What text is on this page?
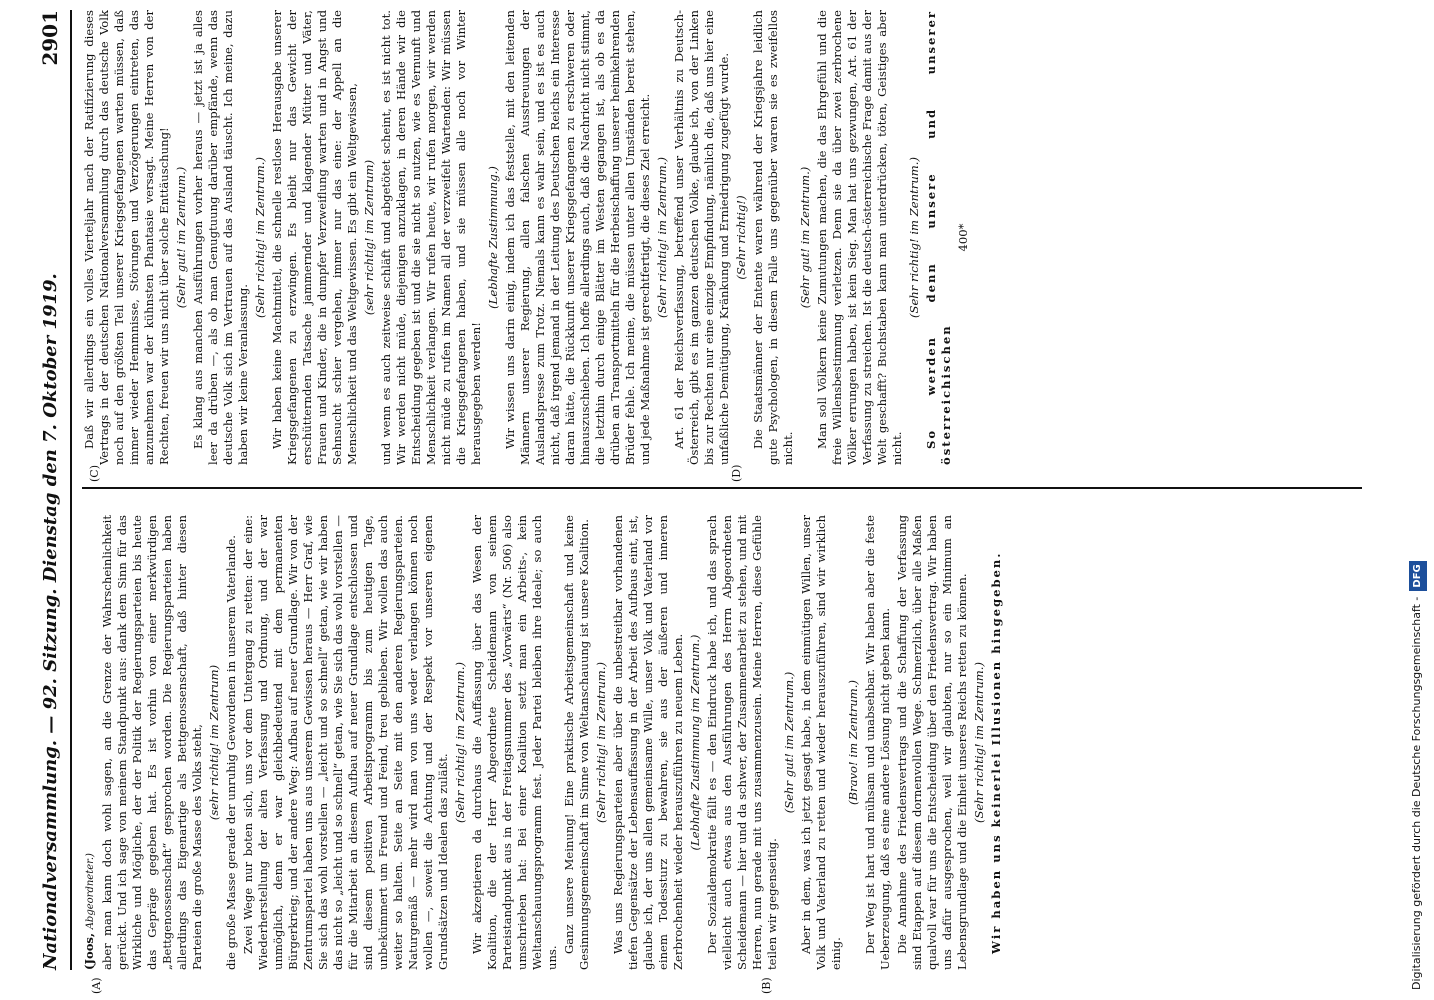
Nationalversammlung. — 92. Sitzung. Dienstag den 7. Oktober 1919.
2901
(A)	(B)
(C)	(D)

(Joos, Abgeordneter.) aber man kann doch wohl sagen, an die Grenze der Wahrscheinlichkeit gerückt. Und ich sage von meinem Standpunkt aus: dank dem Sinn für das Wirkliche und Mögliche, der der Politik der Regierungsparteien bis heute das Gepräge gegeben hat. Es ist vorhin von einer merkwürdigen „Bettgenossenschaft“ gesprochen worden. Die Regierungsparteien haben allerdings das Eigenartige als Bettgenossenschaft, daß hinter diesen Parteien die große Masse des Volks steht, (sehr richtig! im Zentrum) die große Masse gerade der unruhig Gewordenen in unserem Vaterlande. Zwei Wege nur boten sich, uns vor dem Untergang zu retten: der eine: Wiederherstellung der alten Verfassung und Ordnung, und der war unmöglich, denn er war gleichbedeutend mit dem permanenten Bürgerkrieg; und der andere Weg: Aufbau auf neuer Grundlage. Wir von der Zentrumspartei haben uns aus unserem Gewissen heraus — Herr Graf, wie Sie sich das wohl vorstellen — „leicht und so schnell“ getan, wie wir haben das nicht so „leicht und so schnell“ getan, wie Sie sich das wohl vorstellen — für die Mitarbeit an diesem Aufbau auf neuer Grundlage entschlossen und sind diesem positiven Arbeitsprogramm bis zum heutigen Tage, unbekümmert um Freund und Feind, treu geblieben. Wir wollen das auch weiter so halten. Seite an Seite mit den anderen Regierungsparteien. Naturgemäß — mehr wird man von uns weder verlangen können noch wollen —, soweit die Achtung und der Respekt vor unseren eigenen Grundsätzen und Idealen das zuläßt.

(Sehr richtig! im Zentrum.) Wir akzeptieren da durchaus die Auffassung über das Wesen der Koalition, die der Herr Abgeordnete Scheidemann von seinem Parteistandpunkt aus in der Freitagsnummer des „Vorwärts“ (Nr. 506) also umschrieben hat: Bei einer Koalition setzt man ein Arbeits-, kein Weltanschauungsprogramm fest. Jeder Partei bleiben ihre Ideale; so auch uns.

Ganz unsere Meinung! Eine praktische Arbeitsgemeinschaft und keine Gesinnungsgemeinschaft im Sinne von Weltanschauung ist unsere Koalition. (Sehr richtig! im Zentrum.) Was uns Regierungsparteien aber über die unbestreitbar vorhandenen tiefen Gegensätze der Lebensauffassung in der Arbeit des Aufbaus eint, ist, glaube ich, der uns allen gemeinsame Wille, unser Volk und Vaterland vor einem Todessturz zu bewahren, sie aus der äußeren und inneren Zerbrochenheit wieder herauszuführen zu neuem Leben. (Lebhafte Zustimmung im Zentrum.) Der Sozialdemokratie fällt es — den Eindruck habe ich, und das sprach vielleicht auch etwas aus den Ausführungen des Herrn Abgeordneten Scheidemann — hier und da schwer, der Zusammenarbeit zu stehen, und mit Herren, nun gerade mit uns zusammenzusein. Meine Herren, diese Gefühle teilen wir gegenseitig.

(Sehr gut! im Zentrum.) Aber in dem, was ich jetzt gesagt habe, in dem einmütigen Willen, unser Volk und Vaterland zu retten und wieder herauszuführen, sind wir wirklich einig.

(Bravo! im Zentrum.) Der Weg ist hart und mühsam und unabsehbar. Wir haben aber die feste Ueberzeugung, daß es eine andere Lösung nicht geben kann. Die Annahme des Friedensvertrags und die Schaffung der Verfassung sind Etappen auf diesem dornenvollen Wege. Schmerzlich, über alle Maßen qualvoll war für uns die Entscheidung über den Friedensvertrag. Wir haben uns dafür ausgesprochen, weil wir glaubten, nur so ein Minimum an Lebensgrundlage und die Einheit unseres Reichs retten zu können. (Sehr richtig! im Zentrum.) Wir haben uns keinerlei Illusionen hingegeben.

Daß wir allerdings ein volles Vierteljahr nach der Ratifizierung dieses Vertrags in der deutschen Nationalversammlung durch das deutsche Volk noch auf den größten Teil unserer Kriegsgefangenen warten müssen, daß immer wieder Hemmnisse, Störungen und Verzögerungen eintreten, das anzunehmen war der kühnsten Phantasie versagt. Meine Herren von der Rechten, freuen wir uns nicht über solche Enttäuschung! (Sehr gut! im Zentrum.) Es klang aus manchen Ausführungen vorher heraus — jetzt ist ja alles leer da drüben —, als ob man Genugtuung darüber empfände, wenn das deutsche Volk sich im Vertrauen auf das Ausland täuscht. Ich meine, dazu haben wir keine Veranlassung.

(Sehr richtig! im Zentrum.) Wir haben keine Machtmittel, die schnelle restlose Herausgabe unserer Kriegsgefangenen zu erzwingen. Es bleibt nur das Gewicht der erschütternden Tatsache jammernder und klagender Mütter und Väter, Frauen und Kinder, die in dumpfer Verzweiflung warten und in Angst und Sehnsucht schier vergehen, immer nur das eine: der Appell an die Menschlichkeit und das Weltgewissen. Es gibt ein Weltgewissen, (sehr richtig! im Zentrum) und wenn es auch zeitweise schläft und abgetötet scheint, es ist nicht tot. Wir werden nicht müde, diejenigen anzuklagen, in deren Hände wir die Entscheidung gegeben ist und die sie nicht so nutzen, wie es Vernunft und Menschlichkeit verlangen. Wir rufen heute, wir rufen morgen, wir werden nicht müde zu rufen im Namen all der verzweifelt Wartenden: Wir müssen die Kriegsgefangenen haben, und sie müssen alle noch vor Winter herausgegeben werden!

(Lebhafte Zustimmung.) Wir wissen uns darin einig, indem ich das feststelle, mit den leitenden Männern unserer Regierung, allen falschen Ausstreuungen der Auslandspresse zum Trotz. Niemals kann es wahr sein, und es ist es auch nicht, daß irgend jemand in der Leitung des Deutschen Reichs ein Interesse daran hätte, die Rückkunft unserer Kriegsgefangenen zu erschweren oder hinauszuschieben. Ich hoffe allerdings auch, daß die Nachricht nicht stimmt, die letzthin durch einige Blätter im Westen gegangen ist, als ob es da drüben an Transportmitteln für die Herbeischaffung unserer heimkehrenden Brüder fehle. Ich meine, die müssen unter allen Umständen bereit stehen, und jede Maßnahme ist gerechtfertigt, die dieses Ziel erreicht. (Sehr richtig! im Zentrum.) Art. 61 der Reichsverfassung, betreffend unser Verhältnis zu Deutsch-Österreich, gibt es im ganzen deutschen Volke, glaube ich, von der Linken bis zur Rechten nur eine einzige Empfindung, nämlich die, daß uns hier eine unfaßliche Demütigung, Kränkung und Erniedrigung zugefügt wurde. (Sehr richtig!) Die Staatsmänner der Entente waren während der Kriegsjahre leidlich gute Psychologen, in diesem Falle uns gegenüber waren sie es zweifellos nicht.

(Sehr gut! im Zentrum.) Man soll Völkern keine Zumutungen machen, die das Ehrgefühl und die freie Willensbestimmung verletzen. Denn sie da über zwei zerbrochene Völker errungen haben, ist kein Sieg. Man hat uns gezwungen, Art. 61 der Verfassung zu streichen. Ist die deutsch-österreichische Frage damit aus der Welt geschafft? Buchstaben kann man unterdrücken, töten, Geistiges aber nicht.

(Sehr richtig! im Zentrum.) So werden denn unsere und unserer österreichischen

400*

Digitalisierung gefördert durch die Deutsche Forschungsgemeinschaft -DFG
